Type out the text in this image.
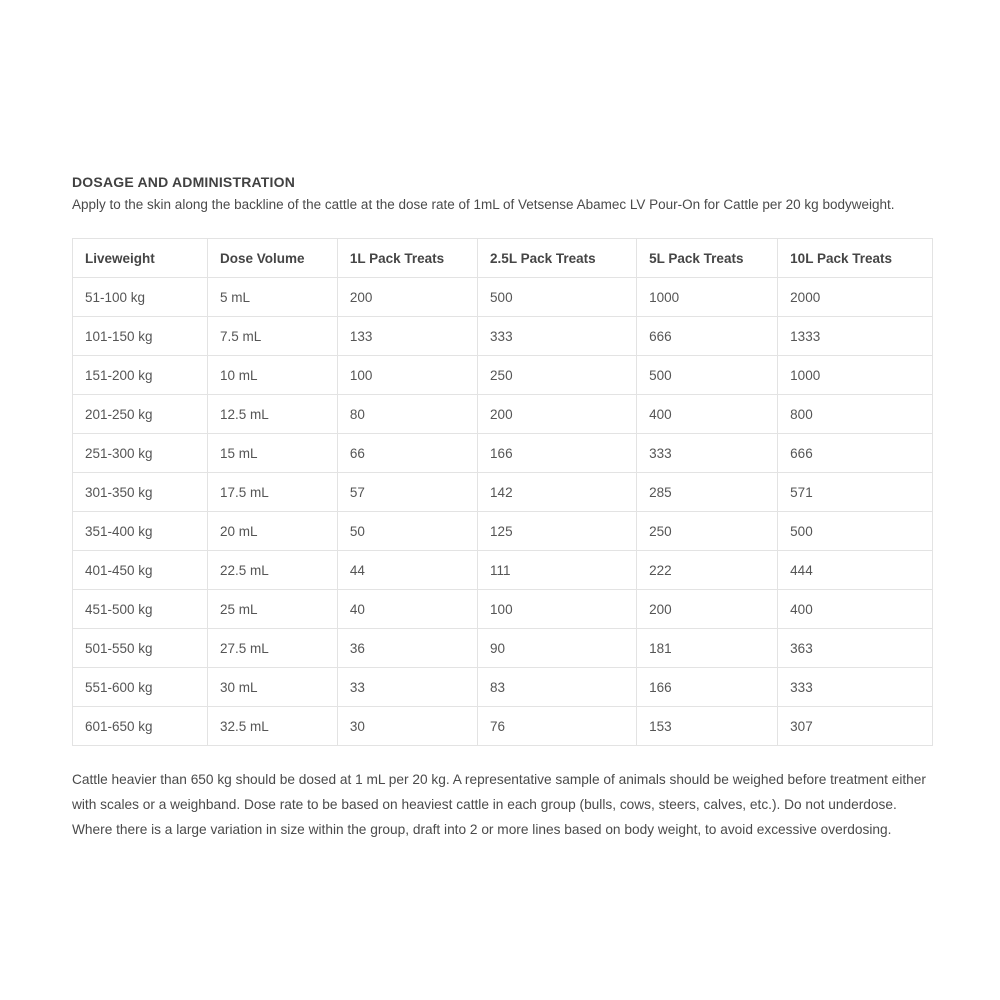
DOSAGE AND ADMINISTRATION

Apply to the skin along the backline of the cattle at the dose rate of 1mL of Vetsense Abamec LV Pour-On for Cattle per 20 kg bodyweight.

Liveweight	Dose Volume	1L Pack Treats	2.5L Pack Treats	5L Pack Treats	10L Pack Treats
51-100 kg	5 mL	200	500	1000	2000
101-150 kg	7.5 mL	133	333	666	1333
151-200 kg	10 mL	100	250	500	1000
201-250 kg	12.5 mL	80	200	400	800
251-300 kg	15 mL	66	166	333	666
301-350 kg	17.5 mL	57	142	285	571
351-400 kg	20 mL	50	125	250	500
401-450 kg	22.5 mL	44	111	222	444
451-500 kg	25 mL	40	100	200	400
501-550 kg	27.5 mL	36	90	181	363
551-600 kg	30 mL	33	83	166	333
601-650 kg	32.5 mL	30	76	153	307

Cattle heavier than 650 kg should be dosed at 1 mL per 20 kg. A representative sample of animals should be weighed before treatment either with scales or a weighband. Dose rate to be based on heaviest cattle in each group (bulls, cows, steers, calves, etc.). Do not underdose. Where there is a large variation in size within the group, draft into 2 or more lines based on body weight, to avoid excessive overdosing.
